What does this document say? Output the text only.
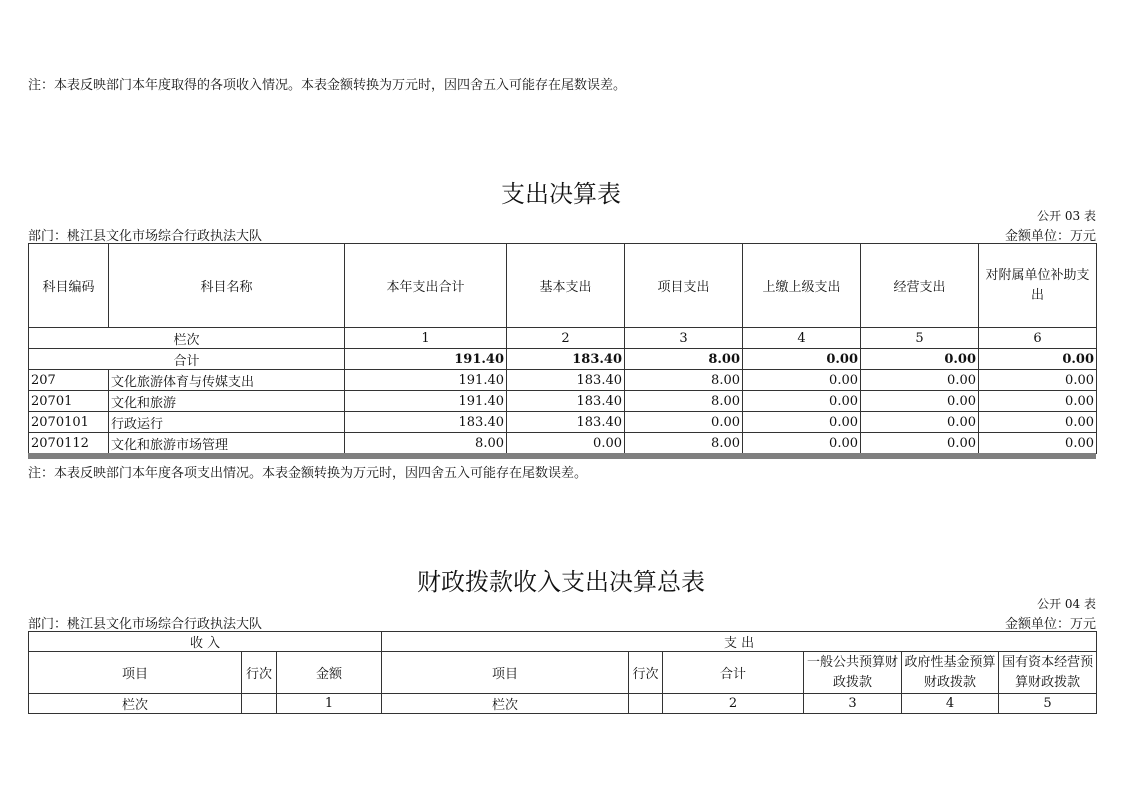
注：本表反映部门本年度取得的各项收入情况。本表金额转换为万元时，因四舍五入可能存在尾数误差。
支出决算表
公开 03 表
部门：桃江县文化市场综合行政执法大队	金额单位：万元
科目编码	科目名称	本年支出合计	基本支出	项目支出	上缴上级支出	经营支出	对附属单位补助支出
栏次		1	2	3	4	5	6
合计		191.40	183.40	8.00	0.00	0.00	0.00
207	文化旅游体育与传媒支出	191.40	183.40	8.00	0.00	0.00	0.00
20701	文化和旅游	191.40	183.40	8.00	0.00	0.00	0.00
2070101	行政运行	183.40	183.40	0.00	0.00	0.00	0.00
2070112	文化和旅游市场管理	8.00	0.00	8.00	0.00	0.00	0.00
注：本表反映部门本年度各项支出情况。本表金额转换为万元时，因四舍五入可能存在尾数误差。
财政拨款收入支出决算总表
公开 04 表
部门：桃江县文化市场综合行政执法大队	金额单位：万元
收 入			支 出					
项目	行次	金额	项目	行次	合计	一般公共预算财政拨款	政府性基金预算财政拨款	国有资本经营预算财政拨款
栏次		1	栏次		2	3	4	5
